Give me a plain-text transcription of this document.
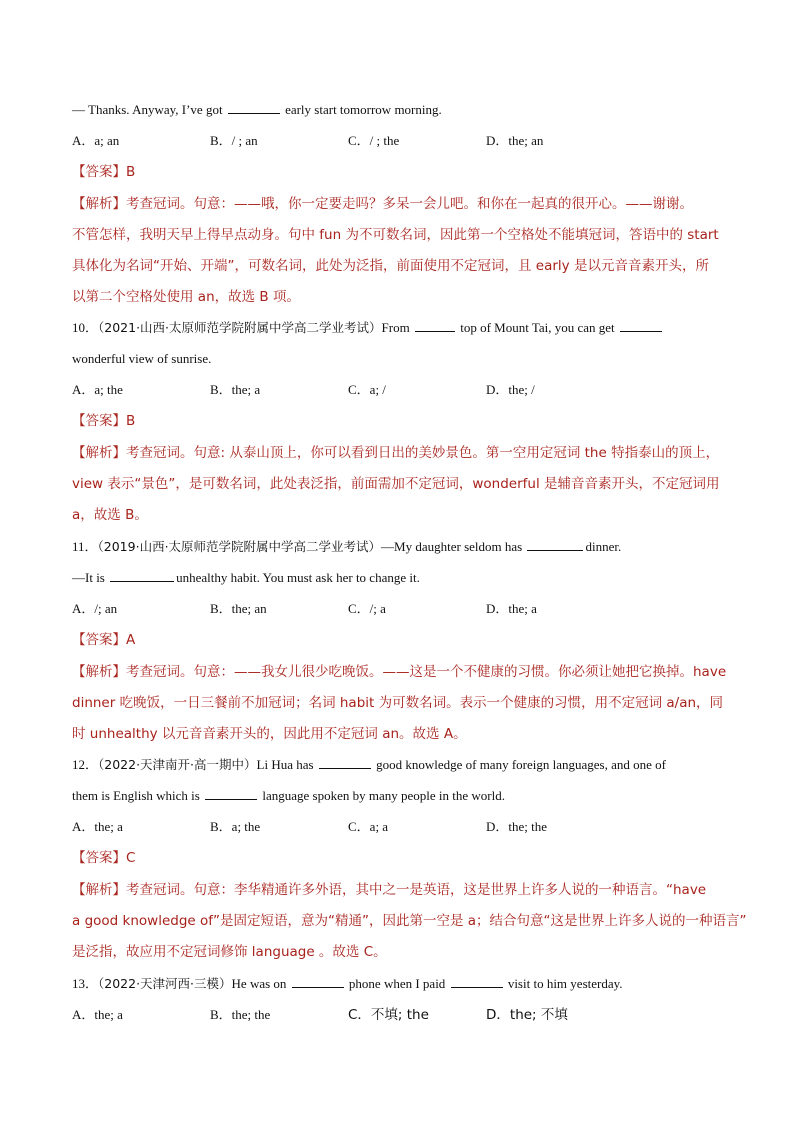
— Thanks. Anyway, I’ve got	early start tomorrow morning.
A．a; an	B．/ ; an	C．/ ; the	D．the; an
【答案】B
【解析】考查冠词。句意：——哦，你一定要走吗？多呆一会儿吧。和你在一起真的很开心。——谢谢。
不管怎样，我明天早上得早点动身。句中 fun 为不可数名词，因此第一个空格处不能填冠词，答语中的 start
具体化为名词“开始、开端”，可数名词，此处为泛指，前面使用不定冠词，且 early 是以元音音素开头，所
以第二个空格处使用 an，故选 B 项。
10．（2021·山西·太原师范学院附属中学高二学业考试）From	top of Mount Tai, you can get
wonderful view of sunrise.
A．a; the	B．the; a	C．a; /	D．the; /
【答案】B
【解析】考查冠词。句意: 从泰山顶上，你可以看到日出的美妙景色。第一空用定冠词 the 特指泰山的顶上，
view 表示“景色”，是可数名词，此处表泛指，前面需加不定冠词，wonderful 是辅音音素开头，不定冠词用
a，故选 B。
11．（2019·山西·太原师范学院附属中学高二学业考试）—My daughter seldom has	dinner.
—It is	unhealthy habit. You must ask her to change it.
A．/; an	B．the; an	C．/; a	D．the; a
【答案】A
【解析】考查冠词。句意：——我女儿很少吃晚饭。——这是一个不健康的习惯。你必须让她把它换掉。have
dinner 吃晚饭，一日三餐前不加冠词；名词 habit 为可数名词。表示一个健康的习惯，用不定冠词 a/an，同
时 unhealthy 以元音音素开头的，因此用不定冠词 an。故选 A。
12．（2022·天津南开·高一期中）Li Hua has	good knowledge of many foreign languages, and one of
them is English which is	language spoken by many people in the world.
A．the; a	B．a; the	C．a; a	D．the; the
【答案】C
【解析】考查冠词。句意：李华精通许多外语，其中之一是英语，这是世界上许多人说的一种语言。“have
a good knowledge of”是固定短语，意为“精通”，因此第一空是 a；结合句意“这是世界上许多人说的一种语言”
是泛指，故应用不定冠词修饰 language 。故选 C。
13．（2022·天津河西·三模）He was on	phone when I paid	visit to him yesterday.
A．the; a	B．the; the	C．不填; the	D．the; 不填
